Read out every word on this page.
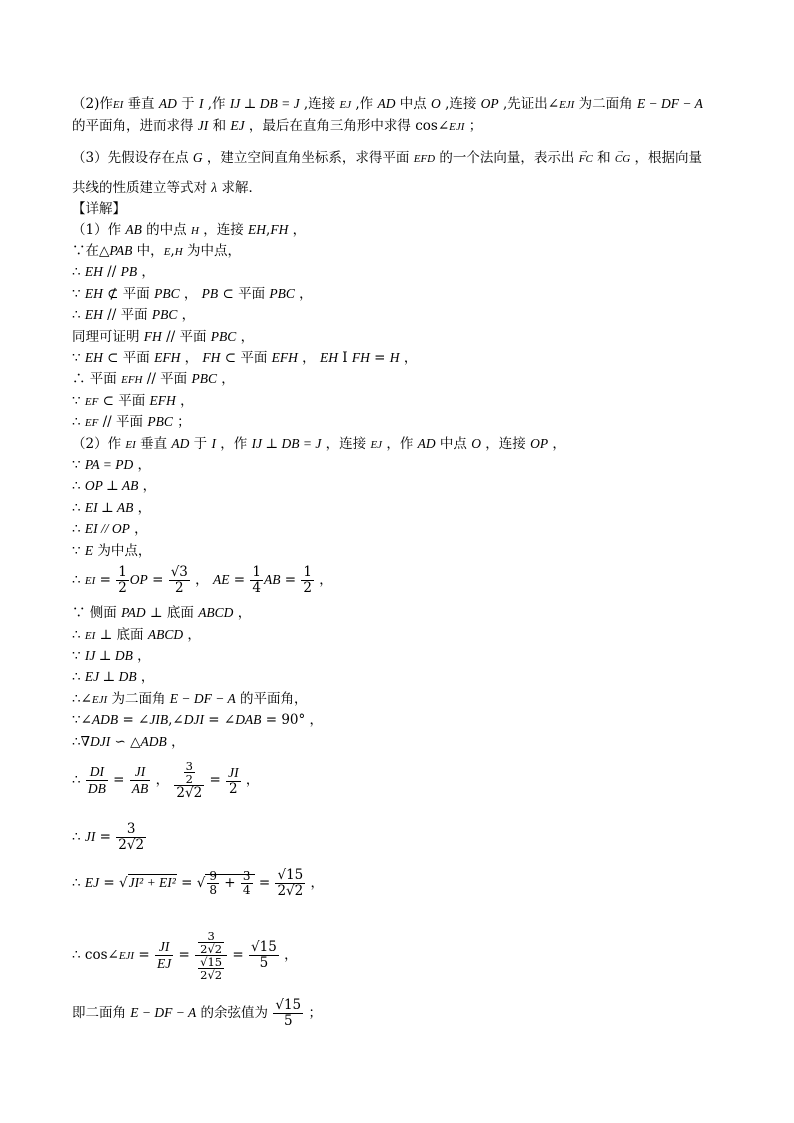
（2)作EI 垂直 AD 于 I ,作 IJ ⊥ DB = J ,连接 EJ ,作 AD 中点 O ,连接 OP ,先证出∠EJI 为二面角 E − DF − A
的平面角，进而求得 JI 和 EJ ，最后在直角三角形中求得 cos∠EJI ；
（3）先假设存在点 G ，建立空间直角坐标系，求得平面 EFD 的一个法向量，表示出 → FC 和 → CG ，根据向量
共线的性质建立等式对 λ 求解．
【详解】
（1）作 AB 的中点 H ，连接 EH,FH ，
∵在△PAB 中，E,H 为中点，
∴ EH // PB ，
∵ EH ⊄ 平面 PBC ， PB ⊂ 平面 PBC ，
∴ EH // 平面 PBC ，
同理可证明 FH // 平面 PBC ，
∵ EH ⊂ 平面 EFH ， FH ⊂ 平面 EFH ， EH I FH = H ，
∴ 平面 EFH // 平面 PBC ，
∵ EF ⊂ 平面 EFH ，
∴ EF // 平面 PBC ；
（2）作 EI 垂直 AD 于 I ，作 IJ ⊥ DB = J ，连接 EJ ，作 AD 中点 O ，连接 OP ，
∵ PA = PD ，
∴ OP ⊥ AB ，
∴ EI ⊥ AB ，
∴ EI // OP ，
∵ E 为中点，
∴ EI = $\frac{1}{2}$ OP = $\frac{√3}{2}$ ， AE = $\frac{1}{4}$ AB = $\frac{1}{2}$ ，
∵ 侧面 PAD ⊥ 底面 ABCD ，
∴ EI ⊥ 底面 ABCD ，
∵ IJ ⊥ DB ，
∴ EJ ⊥ DB ，
∴∠EJI 为二面角 E − DF − A 的平面角，
∵∠ADB = ∠JIB,∠DJI = ∠DAB = 90° ，
∴∇DJI ∽ △ADB ，
∴ $\frac{DI}{DB} = \frac{JI}{AB}$ ， $\frac{\frac{3}{2}}{2√2} = \frac{JI}{2}$ ，
∴ JI = $\frac{3}{2√2}$
∴ EJ = √JI² + EI² = √ $\frac{9}{8} + \frac{3}{4} = \frac{√15}{2√2}$ ，
∴ cos∠EJI = $\frac{JI}{EJ} = \frac{\frac{3}{2√2}}{\frac{√15}{2√2}} = \frac{√15}{5}$ ，
即二面角 E − DF − A 的余弦值为 $\frac{√15}{5}$ ；
